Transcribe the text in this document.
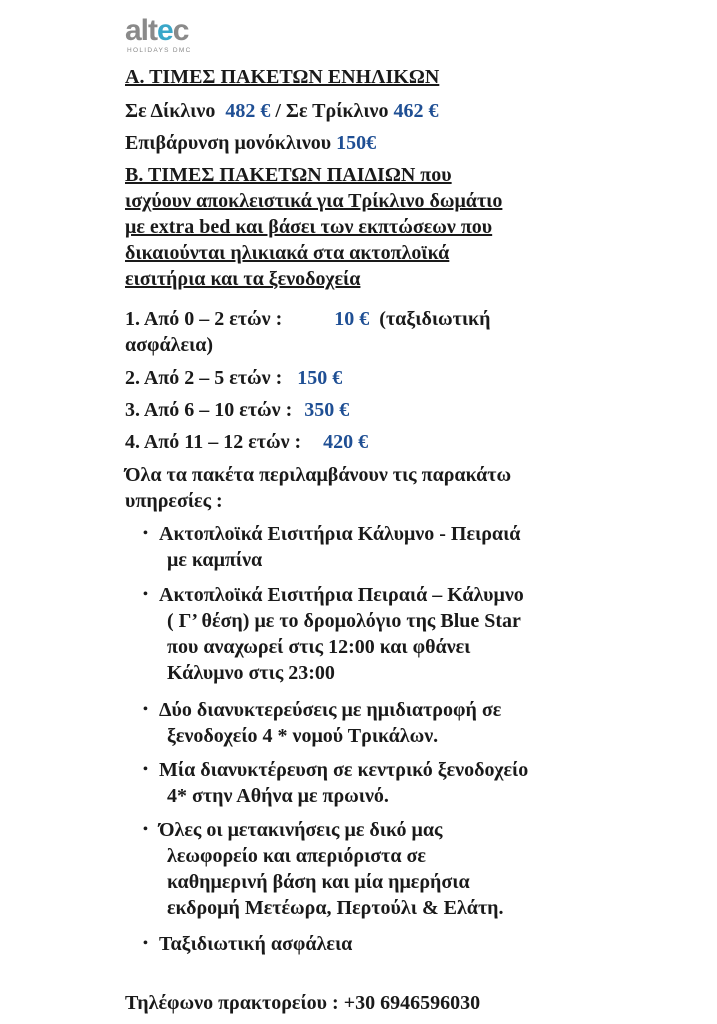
altec
HOLIDAYS DMC
Α. ΤΙΜΕΣ ΠΑΚΕΤΩΝ ΕΝΗΛΙΚΩΝ
Σε Δίκλινο 482 € / Σε Τρίκλινο 462 €
Επιβάρυνση μονόκλινου 150€
Β. ΤΙΜΕΣ ΠΑΚΕΤΩΝ ΠΑΙΔΙΩΝ που
ισχύουν αποκλειστικά για Τρίκλινο δωμάτιο
με extra bed και βάσει των εκπτώσεων που
δικαιούνται ηλικιακά στα ακτοπλοϊκά
εισιτήρια και τα ξενοδοχεία
1. Από 0 – 2 ετών :	10 € (ταξιδιωτική
ασφάλεια)
2. Από 2 – 5 ετών : 150 €
3. Από 6 – 10 ετών : 350 €
4. Από 11 – 12 ετών : 420 €
Όλα τα πακέτα περιλαμβάνουν τις παρακάτω
υπηρεσίες :
• Ακτοπλοϊκά Εισιτήρια Κάλυμνο - Πειραιά
με καμπίνα
• Ακτοπλοϊκά Εισιτήρια Πειραιά – Κάλυμνο
( Γ’ θέση) με το δρομολόγιο της Blue Star
που αναχωρεί στις 12:00 και φθάνει
Κάλυμνο στις 23:00
• Δύο διανυκτερεύσεις με ημιδιατροφή σε
ξενοδοχείο 4 * νομού Τρικάλων.
• Μία διανυκτέρευση σε κεντρικό ξενοδοχείο
4* στην Αθήνα με πρωινό.
• Όλες οι μετακινήσεις με δικό μας
λεωφορείο και απεριόριστα σε
καθημερινή βάση και μία ημερήσια
εκδρομή Μετέωρα, Περτούλι & Ελάτη.
• Ταξιδιωτική ασφάλεια
Τηλέφωνο πρακτορείου : +30 6946596030
